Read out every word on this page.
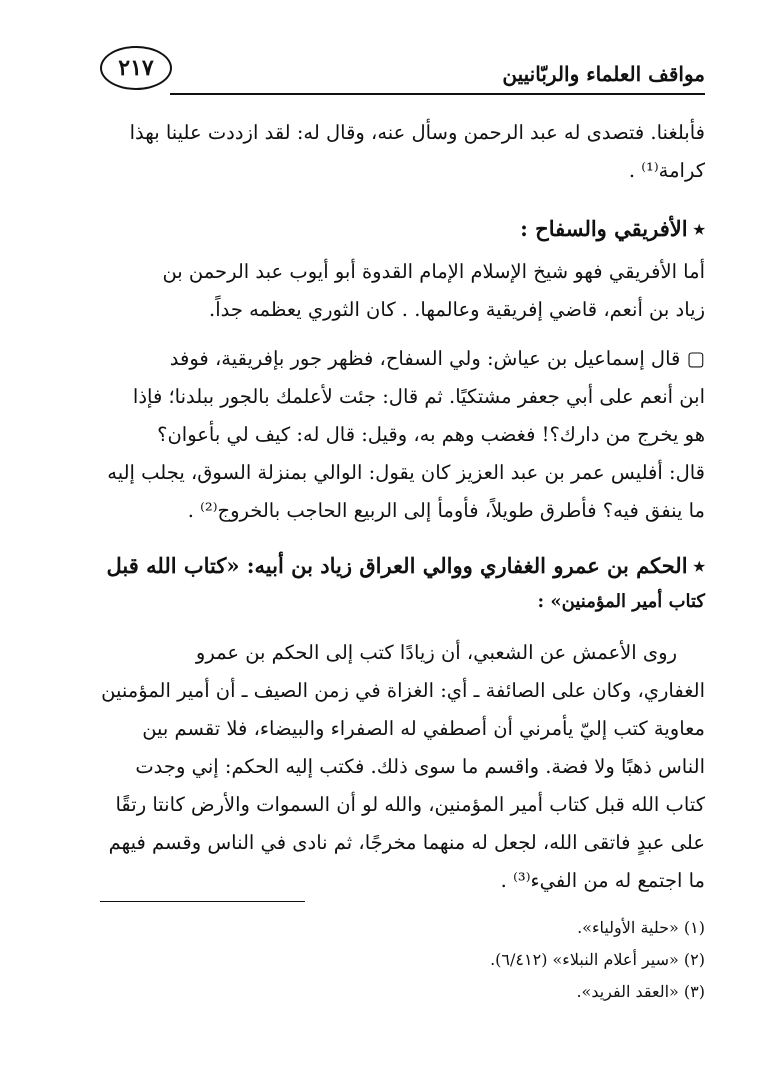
مواقف العلماء والربّانيين
٢١٧
فأبلغنا. فتصدى له عبد الرحمن وسأل عنه، وقال له: لقد ازددت علينا بهذا
كرامة⁽¹⁾ .
٭الأفريقي والسفاح :
أما الأفريقي فهو شيخ الإسلام الإمام القدوة أبو أيوب عبد الرحمن بن
زياد بن أنعم، قاضي إفريقية وعالمها. . كان الثوري يعظمه جداً.
▢ قال إسماعيل بن عياش: ولي السفاح، فظهر جور بإفريقية، فوفد
ابن أنعم على أبي جعفر مشتكيًا. ثم قال: جئت لأعلمك بالجور ببلدنا؛ فإذا
هو يخرج من دارك؟! فغضب وهم به، وقيل: قال له: كيف لي بأعوان؟
قال: أفليس عمر بن عبد العزيز كان يقول: الوالي بمنزلة السوق، يجلب إليه
ما ينفق فيه؟ فأطرق طويلاً، فأومأ إلى الربيع الحاجب بالخروج⁽²⁾ .
٭الحكم بن عمرو الغفاري ووالي العراق زياد بن أبيه: «كتاب الله قبل
كتاب أمير المؤمنين» :
روى الأعمش عن الشعبي، أن زيادًا كتب إلى الحكم بن عمرو
الغفاري، وكان على الصائفة ـ أي: الغزاة في زمن الصيف ـ أن أمير المؤمنين
معاوية كتب إليّ يأمرني أن أصطفي له الصفراء والبيضاء، فلا تقسم بين
الناس ذهبًا ولا فضة. واقسم ما سوى ذلك. فكتب إليه الحكم: إني وجدت
كتاب الله قبل كتاب أمير المؤمنين، والله لو أن السموات والأرض كانتا رتقًا
على عبدٍ فاتقى الله، لجعل له منهما مخرجًا، ثم نادى في الناس وقسم فيهم
ما اجتمع له من الفيء⁽³⁾ .
(١) «حلية الأولياء».
(٢) «سير أعلام النبلاء» (٦/٤١٢).
(٣) «العقد الفريد».
